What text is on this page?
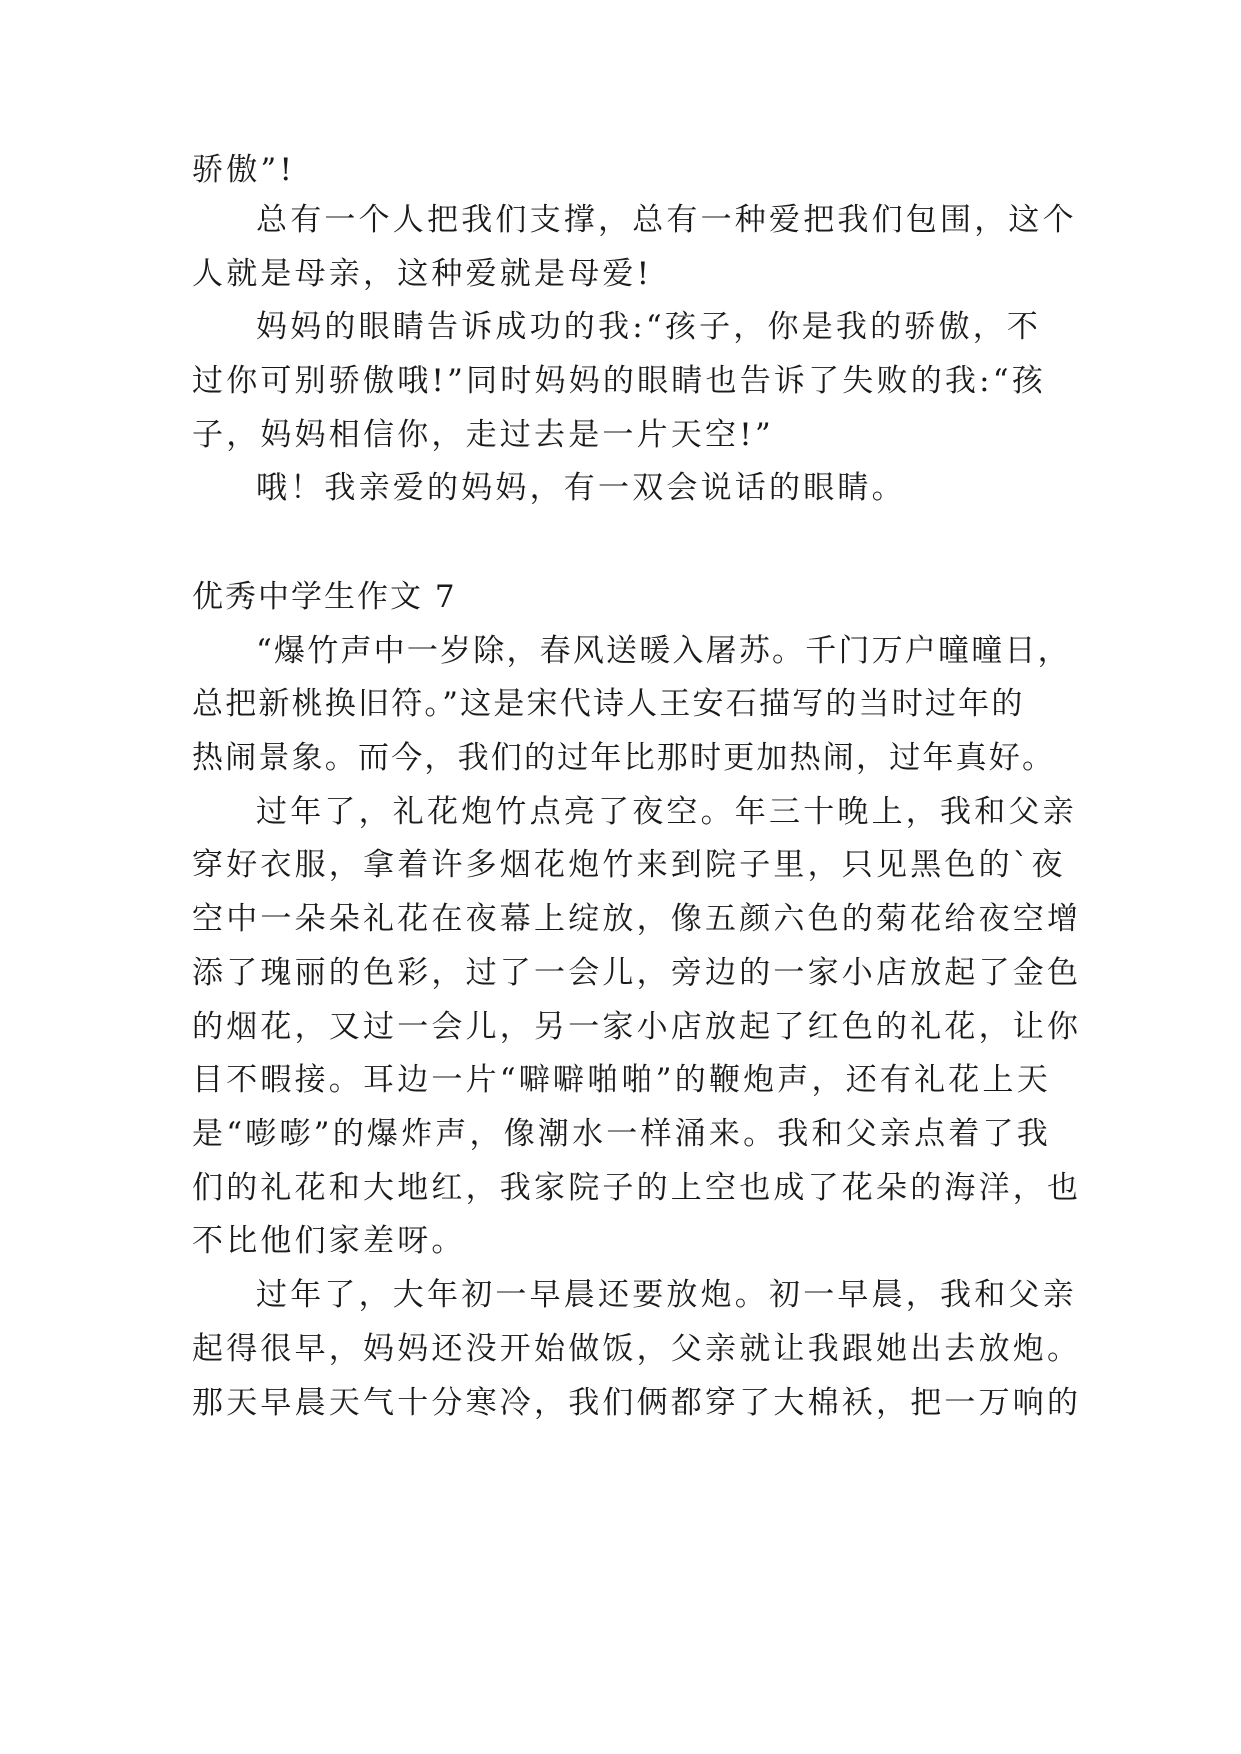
骄傲”!
总有一个人把我们支撑，总有一种爱把我们包围，这个
人就是母亲，这种爱就是母爱!
妈妈的眼睛告诉成功的我:“孩子，你是我的骄傲，不
过你可别骄傲哦!”同时妈妈的眼睛也告诉了失败的我:“孩
子，妈妈相信你，走过去是一片天空!”
哦！我亲爱的妈妈，有一双会说话的眼睛。
优秀中学生作文 7
“爆竹声中一岁除，春风送暖入屠苏。千门万户曈曈日，
总把新桃换旧符。”这是宋代诗人王安石描写的当时过年的
热闹景象。而今，我们的过年比那时更加热闹，过年真好。
过年了，礼花炮竹点亮了夜空。年三十晚上，我和父亲
穿好衣服，拿着许多烟花炮竹来到院子里，只见黑色的`夜
空中一朵朵礼花在夜幕上绽放，像五颜六色的菊花给夜空增
添了瑰丽的色彩，过了一会儿，旁边的一家小店放起了金色
的烟花，又过一会儿，另一家小店放起了红色的礼花，让你
目不暇接。耳边一片“噼噼啪啪”的鞭炮声，还有礼花上天
是“嘭嘭”的爆炸声，像潮水一样涌来。我和父亲点着了我
们的礼花和大地红，我家院子的上空也成了花朵的海洋，也
不比他们家差呀。
过年了，大年初一早晨还要放炮。初一早晨，我和父亲
起得很早，妈妈还没开始做饭，父亲就让我跟她出去放炮。
那天早晨天气十分寒冷，我们俩都穿了大棉袄，把一万响的
